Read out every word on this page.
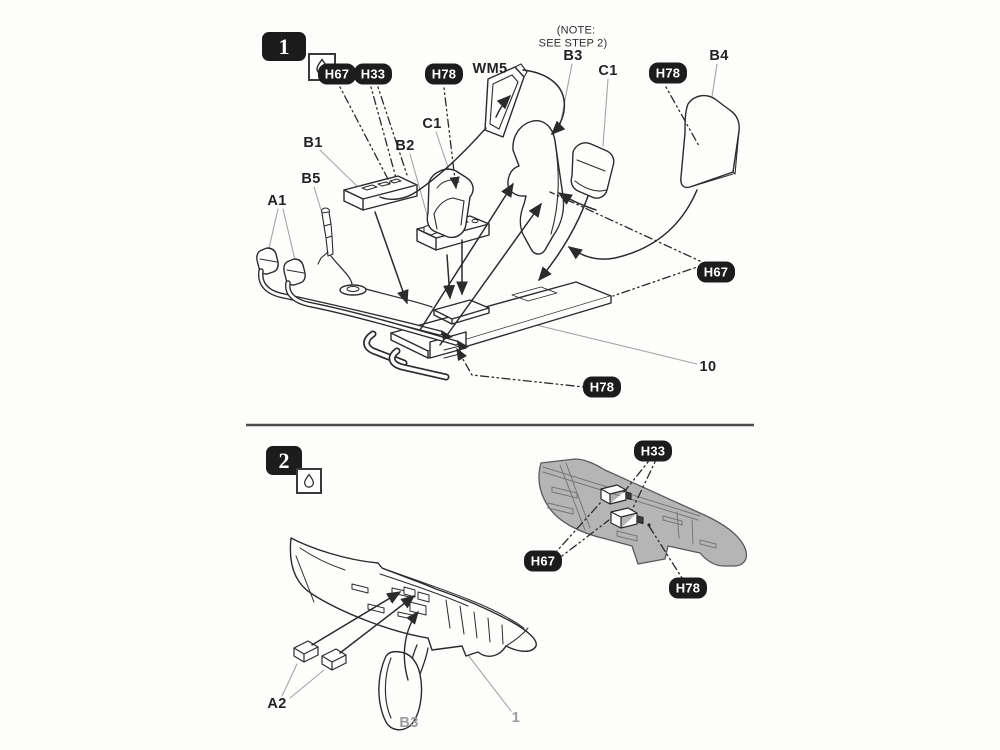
1
(NOTE:
SEE STEP 2)
H67 H33	H78	H78
H67
H78
B1	B2
B5
A1
C1
WM5
B3
C1
B4
10
2	H33
H67
H78
A2
B3	1
